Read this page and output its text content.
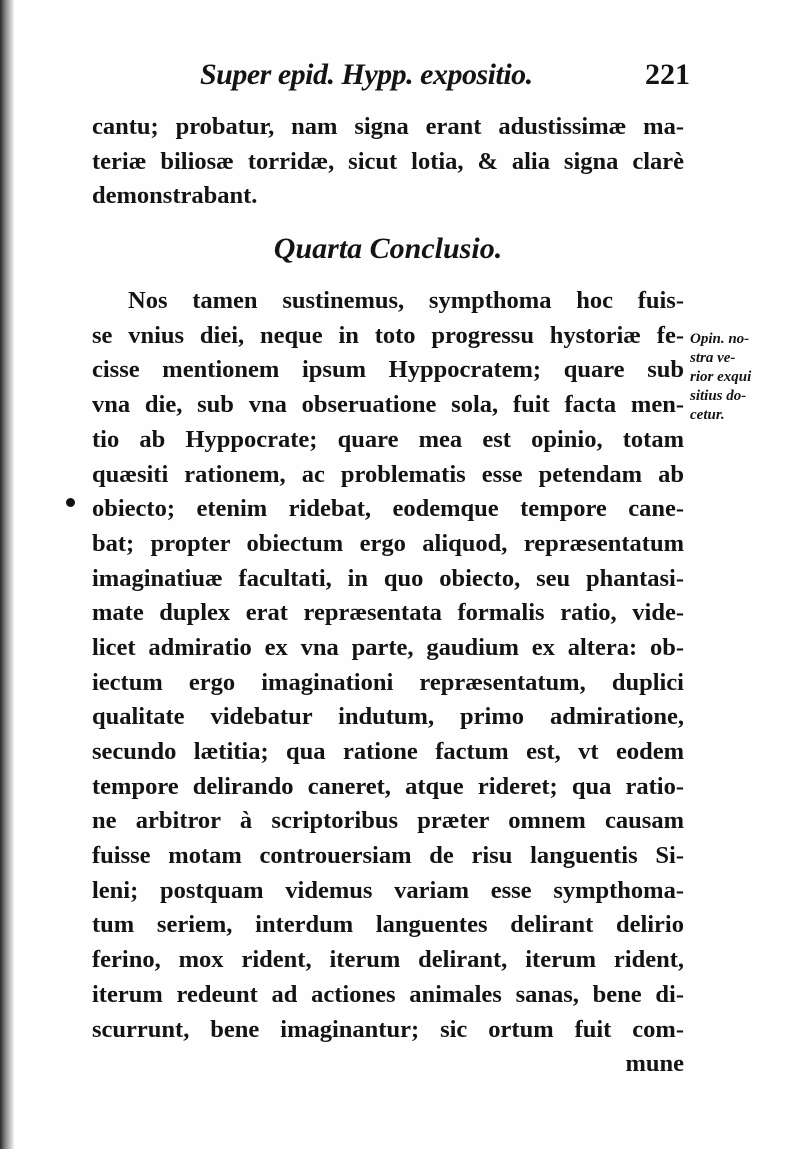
Super epid. Hypp. expositio.	221
cantu; probatur, nam signa erant adustissimæ ma-
teriæ biliosæ torridæ, sicut lotia, & alia signa clarè
demonstrabant.
Quarta Conclusio.
Nos tamen sustinemus, sympthoma hoc fuis-
se vnius diei, neque in toto progressu hystoriæ fe-
cisse mentionem ipsum Hyppocratem; quare sub
vna die, sub vna obseruatione sola, fuit facta men-
tio ab Hyppocrate; quare mea est opinio, totam
quæsiti rationem, ac problematis esse petendam ab
obiecto; etenim ridebat, eodemque tempore cane-
bat; propter obiectum ergo aliquod, repræsentatum
imaginatiuæ facultati, in quo obiecto, seu phantasi-
mate duplex erat repræsentata formalis ratio, vide-
licet admiratio ex vna parte, gaudium ex altera: ob-
iectum ergo imaginationi repræsentatum, duplici
qualitate videbatur indutum, primo admiratione,
secundo lætitia; qua ratione factum est, vt eodem
tempore delirando caneret, atque rideret; qua ratio-
ne arbitror à scriptoribus præter omnem causam
fuisse motam controuersiam de risu languentis Si-
leni; postquam videmus variam esse sympthoma-
tum seriem, interdum languentes delirant delirio
ferino, mox rident, iterum delirant, iterum rident,
iterum redeunt ad actiones animales sanas, bene di-
scurrunt, bene imaginantur; sic ortum fuit com-
mune
Opin. no-
stra ve-
rior exqui
sitius do-
cetur.
